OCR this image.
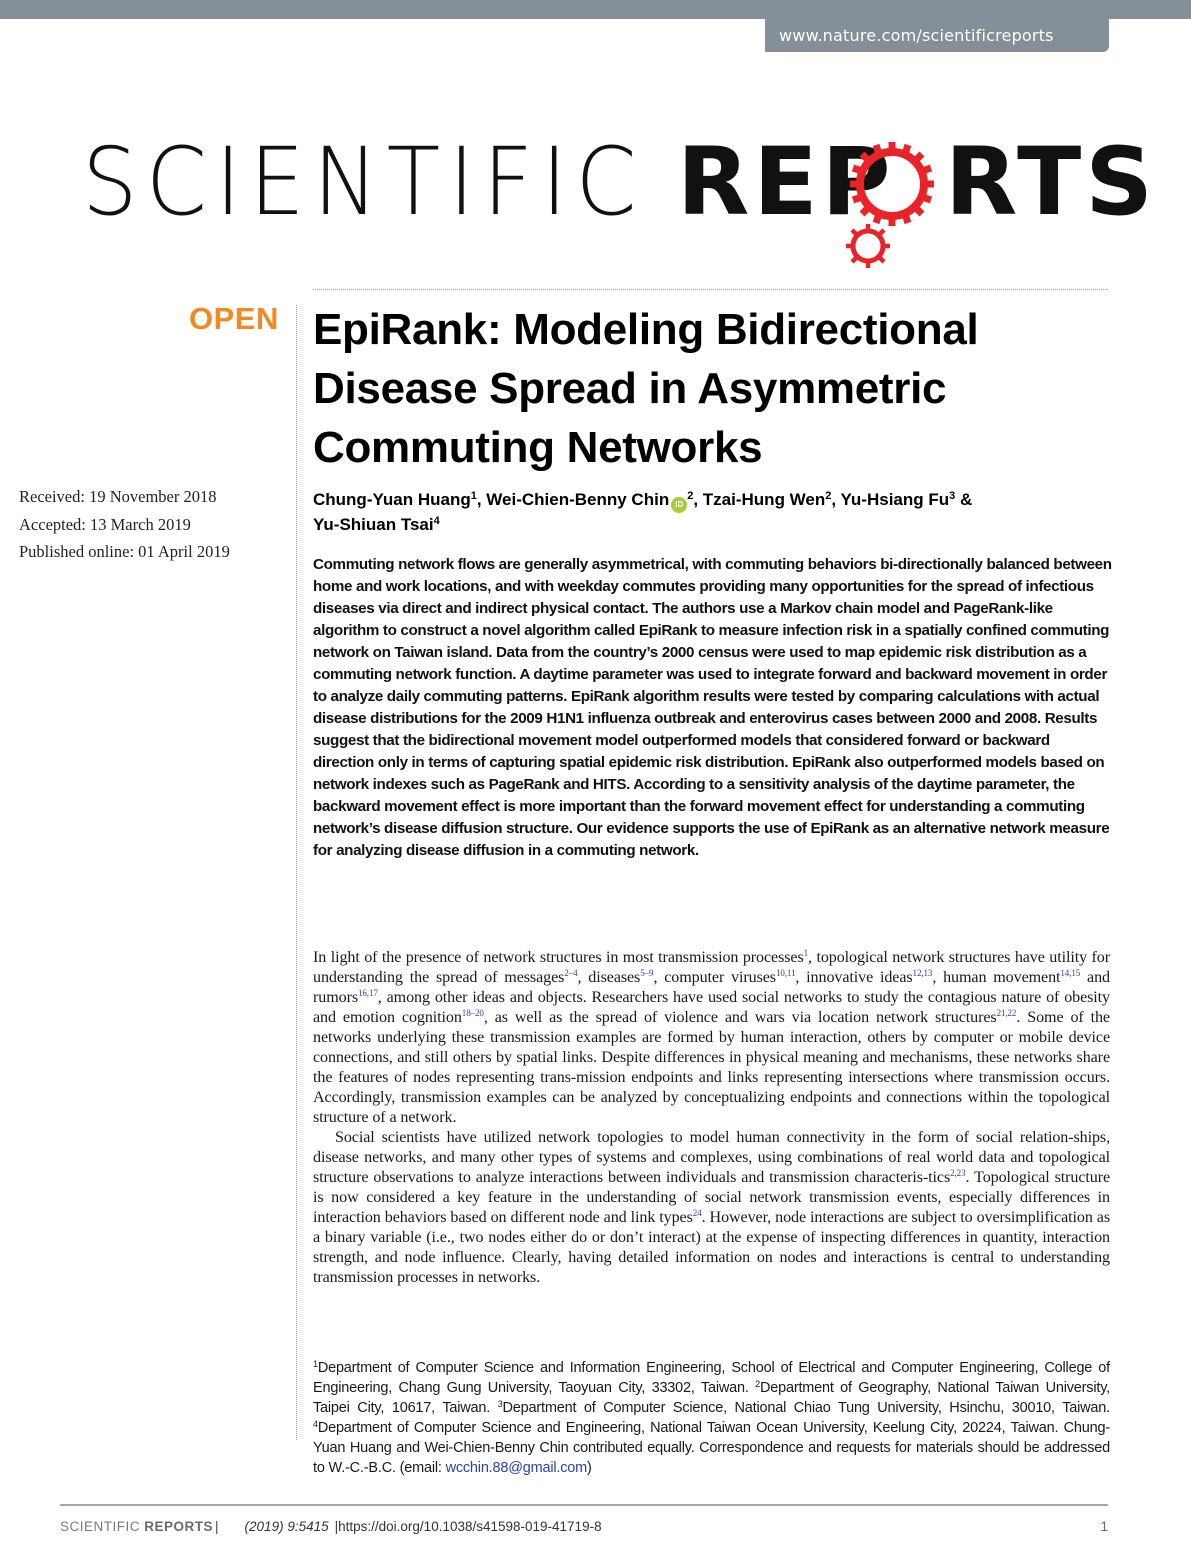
www.nature.com/scientificreports
SCIENTIFIC REP RTS
OPEN EpiRank: Modeling Bidirectional Disease Spread in Asymmetric Commuting Networks
Received: 19 November 2018
Accepted: 13 March 2019
Published online: 01 April 2019
Chung-Yuan Huang$^1$, Wei-Chien-Benny Chin $iD^2$, Tzai-Hung Wen$^2$, Yu-Hsiang Fu$^3$ &
Yu-Shiuan Tsai$^4$

Commuting network flows are generally asymmetrical, with commuting behaviors bi-directionally balanced between home and work locations, and with weekday commutes providing many opportunities for the spread of infectious diseases via direct and indirect physical contact. The authors use a Markov chain model and PageRank-like algorithm to construct a novel algorithm called EpiRank to measure infection risk in a spatially confined commuting network on Taiwan island. Data from the country’s 2000 census were used to map epidemic risk distribution as a commuting network function. A daytime parameter was used to integrate forward and backward movement in order to analyze daily commuting patterns. EpiRank algorithm results were tested by comparing calculations with actual disease distributions for the 2009 H1N1 influenza outbreak and enterovirus cases between 2000 and 2008. Results suggest that the bidirectional movement model outperformed models that considered forward or backward direction only in terms of capturing spatial epidemic risk distribution. EpiRank also outperformed models based on network indexes such as PageRank and HITS. According to a sensitivity analysis of the daytime parameter, the backward movement effect is more important than the forward movement effect for understanding a commuting network’s disease diffusion structure. Our evidence supports the use of EpiRank as an alternative network measure for analyzing disease diffusion in a commuting network.

In light of the presence of network structures in most transmission processes$^1$, topological network structures have utility for understanding the spread of messages$^{2-4}$, diseases$^{5-9}$, computer viruses$^{10,11}$, innovative ideas$^{12,13}$, human movement$^{14,15}$ and rumors$^{16,17}$, among other ideas and objects. Researchers have used social networks to study the contagious nature of obesity and emotion cognition$^{18-20}$, as well as the spread of violence and wars via location network structures$^{21,22}$. Some of the networks underlying these transmission examples are formed by human interaction, others by computer or mobile device connections, and still others by spatial links. Despite differences in physical meaning and mechanisms, these networks share the features of nodes representing trans-mission endpoints and links representing intersections where transmission occurs. Accordingly, transmission examples can be analyzed by conceptualizing endpoints and connections within the topological structure of a network.

Social scientists have utilized network topologies to model human connectivity in the form of social relation-ships, disease networks, and many other types of systems and complexes, using combinations of real world data and topological structure observations to analyze interactions between individuals and transmission characteris-tics$^{2,23}$. Topological structure is now considered a key feature in the understanding of social network transmission events, especially differences in interaction behaviors based on different node and link types$^{24}$. However, node interactions are subject to oversimplification as a binary variable (i.e., two nodes either do or don’t interact) at the expense of inspecting differences in quantity, interaction strength, and node influence. Clearly, having detailed information on nodes and interactions is central to understanding transmission processes in networks.

$^1$Department of Computer Science and Information Engineering, School of Electrical and Computer Engineering, College of Engineering, Chang Gung University, Taoyuan City, 33302, Taiwan. $^2$Department of Geography, National Taiwan University, Taipei City, 10617, Taiwan. $^3$Department of Computer Science, National Chiao Tung University, Hsinchu, 30010, Taiwan. $^4$Department of Computer Science and Engineering, National Taiwan Ocean University, Keelung City, 20224, Taiwan. Chung-Yuan Huang and Wei-Chien-Benny Chin contributed equally. Correspondence and requests for materials should be addressed to W.-C.-B.C. (email: wcchin.88@gmail.com)
SCIENTIFIC REPORTS | (2019) 9:5415 |https://doi.org/10.1038/s41598-019-41719-8	1
